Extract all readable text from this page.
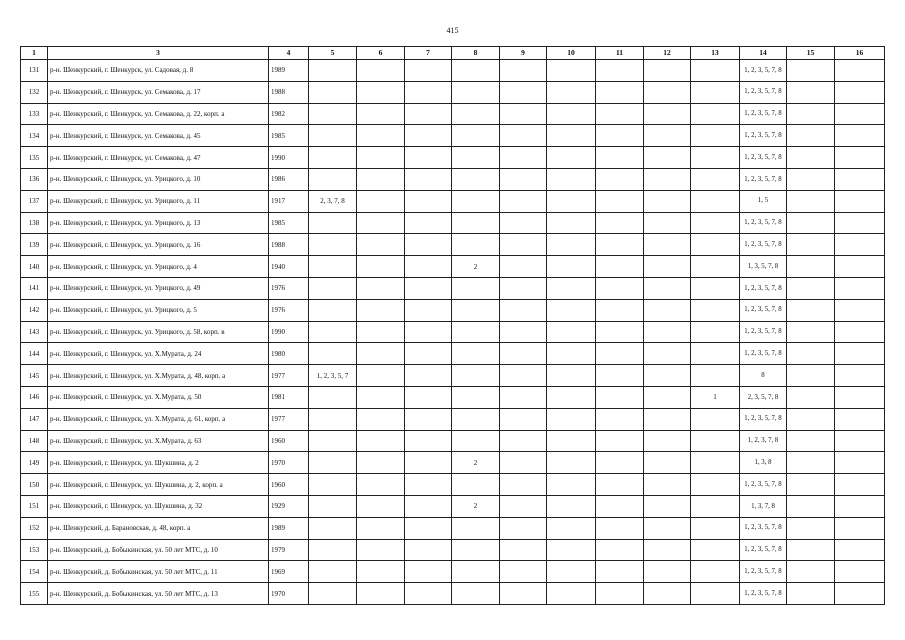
415
1	3	4	5	6	7	8	9	10	11	12	13	14	15	16
131	р-н. Шенкурский, г. Шенкурск, ул. Садовая, д. 8	1989										1, 2, 3, 5, 7, 8		
132	р-н. Шенкурский, г. Шенкурск, ул. Семакова, д. 17	1988										1, 2, 3, 5, 7, 8		
133	р-н. Шенкурский, г. Шенкурск, ул. Семакова, д. 22, корп. а	1982										1, 2, 3, 5, 7, 8		
134	р-н. Шенкурский, г. Шенкурск, ул. Семакова, д. 45	1985										1, 2, 3, 5, 7, 8		
135	р-н. Шенкурский, г. Шенкурск, ул. Семакова, д. 47	1990										1, 2, 3, 5, 7, 8		
136	р-н. Шенкурский, г. Шенкурск, ул. Урицкого, д. 10	1986										1, 2, 3, 5, 7, 8		
137	р-н. Шенкурский, г. Шенкурск, ул. Урицкого, д. 11	1917	2, 3, 7, 8									1, 5		
138	р-н. Шенкурский, г. Шенкурск, ул. Урицкого, д. 13	1985										1, 2, 3, 5, 7, 8		
139	р-н. Шенкурский, г. Шенкурск, ул. Урицкого, д. 16	1988										1, 2, 3, 5, 7, 8		
140	р-н. Шенкурский, г. Шенкурск, ул. Урицкого, д. 4	1940				2						1, 3, 5, 7, 8		
141	р-н. Шенкурский, г. Шенкурск, ул. Урицкого, д. 49	1976										1, 2, 3, 5, 7, 8		
142	р-н. Шенкурский, г. Шенкурск, ул. Урицкого, д. 5	1976										1, 2, 3, 5, 7, 8		
143	р-н. Шенкурский, г. Шенкурск, ул. Урицкого, д. 58, корп. в	1990										1, 2, 3, 5, 7, 8		
144	р-н. Шенкурский, г. Шенкурск, ул. Х.Мурата, д. 24	1980										1, 2, 3, 5, 7, 8		
145	р-н. Шенкурский, г. Шенкурск, ул. Х.Мурата, д. 48, корп. а	1977	1, 2, 3, 5, 7									8		
146	р-н. Шенкурский, г. Шенкурск, ул. Х.Мурата, д. 50	1981									1	2, 3, 5, 7, 8		
147	р-н. Шенкурский, г. Шенкурск, ул. Х.Мурата, д. 61, корп. а	1977										1, 2, 3, 5, 7, 8		
148	р-н. Шенкурский, г. Шенкурск, ул. Х.Мурата, д. 63	1960										1, 2, 3, 7, 8		
149	р-н. Шенкурский, г. Шенкурск, ул. Шукшина, д. 2	1970				2						1, 3, 8		
150	р-н. Шенкурский, г. Шенкурск, ул. Шукшина, д. 2, корп. а	1960										1, 2, 3, 5, 7, 8		
151	р-н. Шенкурский, г. Шенкурск, ул. Шукшина, д. 32	1929				2						1, 3, 7, 8		
152	р-н. Шенкурский, д. Барановская, д. 48, корп. а	1989										1, 2, 3, 5, 7, 8		
153	р-н. Шенкурский, д. Бобыкинская, ул. 50 лет МТС, д. 10	1979										1, 2, 3, 5, 7, 8		
154	р-н. Шенкурский, д. Бобыкинская, ул. 50 лет МТС, д. 11	1969										1, 2, 3, 5, 7, 8		
155	р-н. Шенкурский, д. Бобыкинская, ул. 50 лет МТС, д. 13	1970										1, 2, 3, 5, 7, 8		
